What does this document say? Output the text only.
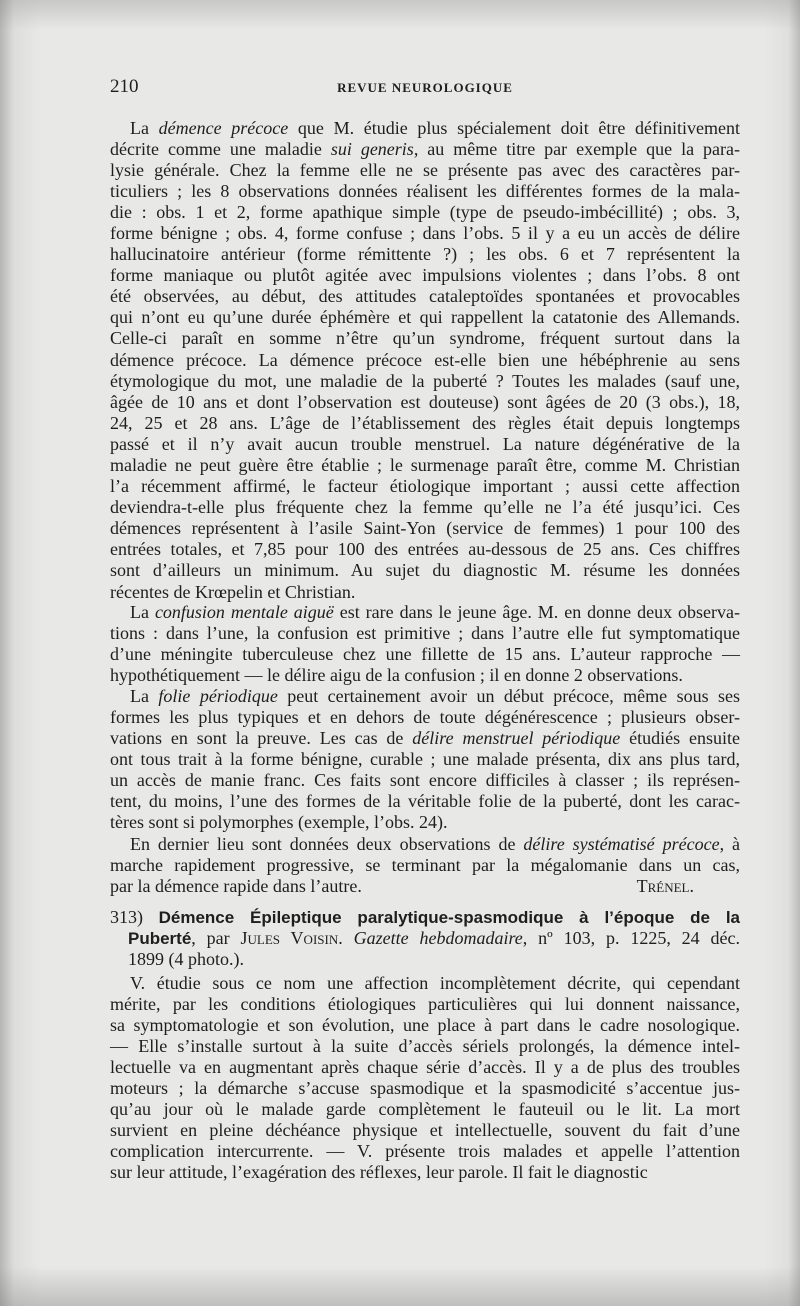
210	REVUE NEUROLOGIQUE
La démence précoce que M. étudie plus spécialement doit être définitivement
décrite comme une maladie sui generis, au même titre par exemple que la para-
lysie générale. Chez la femme elle ne se présente pas avec des caractères par-
ticuliers ; les 8 observations données réalisent les différentes formes de la mala-
die : obs. 1 et 2, forme apathique simple (type de pseudo-imbécillité) ; obs. 3,
forme bénigne ; obs. 4, forme confuse ; dans l’obs. 5 il y a eu un accès de délire
hallucinatoire antérieur (forme rémittente ?) ; les obs. 6 et 7 représentent la
forme maniaque ou plutôt agitée avec impulsions violentes ; dans l’obs. 8 ont
été observées, au début, des attitudes cataleptoïdes spontanées et provocables
qui n’ont eu qu’une durée éphémère et qui rappellent la catatonie des Allemands.
Celle-ci paraît en somme n’être qu’un syndrome, fréquent surtout dans la
démence précoce. La démence précoce est-elle bien une hébéphrenie au sens
étymologique du mot, une maladie de la puberté ? Toutes les malades (sauf une,
âgée de 10 ans et dont l’observation est douteuse) sont âgées de 20 (3 obs.), 18,
24, 25 et 28 ans. L’âge de l’établissement des règles était depuis longtemps
passé et il n’y avait aucun trouble menstruel. La nature dégénérative de la
maladie ne peut guère être établie ; le surmenage paraît être, comme M. Christian
l’a récemment affirmé, le facteur étiologique important ; aussi cette affection
deviendra-t-elle plus fréquente chez la femme qu’elle ne l’a été jusqu’ici. Ces
démences représentent à l’asile Saint-Yon (service de femmes) 1 pour 100 des
entrées totales, et 7,85 pour 100 des entrées au-dessous de 25 ans. Ces chiffres
sont d’ailleurs un minimum. Au sujet du diagnostic M. résume les données
récentes de Krœpelin et Christian.
La confusion mentale aiguë est rare dans le jeune âge. M. en donne deux observa-
tions : dans l’une, la confusion est primitive ; dans l’autre elle fut symptomatique
d’une méningite tuberculeuse chez une fillette de 15 ans. L’auteur rapproche —
hypothétiquement — le délire aigu de la confusion ; il en donne 2 observations.
La folie périodique peut certainement avoir un début précoce, même sous ses
formes les plus typiques et en dehors de toute dégénérescence ; plusieurs obser-
vations en sont la preuve. Les cas de délire menstruel périodique étudiés ensuite
ont tous trait à la forme bénigne, curable ; une malade présenta, dix ans plus tard,
un accès de manie franc. Ces faits sont encore difficiles à classer ; ils représen-
tent, du moins, l’une des formes de la véritable folie de la puberté, dont les carac-
tères sont si polymorphes (exemple, l’obs. 24).
En dernier lieu sont données deux observations de délire systématisé précoce, à
marche rapidement progressive, se terminant par la mégalomanie dans un cas,
par la démence rapide dans l’autre.	Trénel.
313) Démence Épileptique paralytique-spasmodique à l’époque de la
Puberté, par Jules Voisin. Gazette hebdomadaire, nº 103, p. 1225, 24 déc.
1899 (4 photo.).
V. étudie sous ce nom une affection incomplètement décrite, qui cependant
mérite, par les conditions étiologiques particulières qui lui donnent naissance,
sa symptomatologie et son évolution, une place à part dans le cadre nosologique.
— Elle s’installe surtout à la suite d’accès sériels prolongés, la démence intel-
lectuelle va en augmentant après chaque série d’accès. Il y a de plus des troubles
moteurs ; la démarche s’accuse spasmodique et la spasmodicité s’accentue jus-
qu’au jour où le malade garde complètement le fauteuil ou le lit. La mort
survient en pleine déchéance physique et intellectuelle, souvent du fait d’une
complication intercurrente. — V. présente trois malades et appelle l’attention
sur leur attitude, l’exagération des réflexes, leur parole. Il fait le diagnostic
